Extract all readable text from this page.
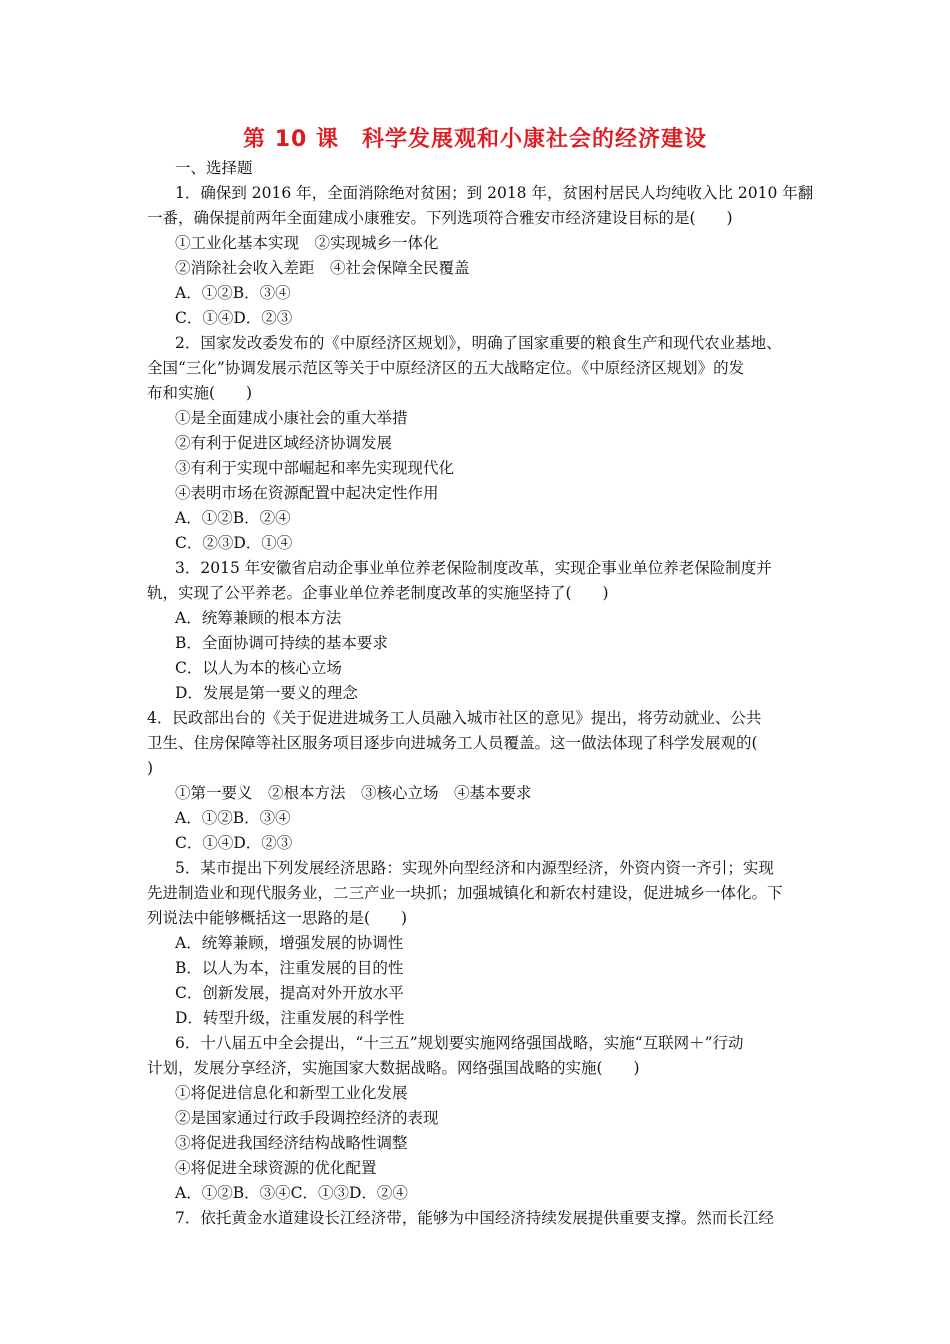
第 10 课　科学发展观和小康社会的经济建设
一、选择题
1．确保到 2016 年，全面消除绝对贫困；到 2018 年，贫困村居民人均纯收入比 2010 年翻
一番，确保提前两年全面建成小康雅安。下列选项符合雅安市经济建设目标的是(　　)
①工业化基本实现　②实现城乡一体化
②消除社会收入差距　④社会保障全民覆盖
A．①②B．③④
C．①④D．②③
2．国家发改委发布的《中原经济区规划》，明确了国家重要的粮食生产和现代农业基地、
全国“三化”协调发展示范区等关于中原经济区的五大战略定位。《中原经济区规划》的发
布和实施(　　)
①是全面建成小康社会的重大举措
②有利于促进区域经济协调发展
③有利于实现中部崛起和率先实现现代化
④表明市场在资源配置中起决定性作用
A．①②B．②④
C．②③D．①④
3．2015 年安徽省启动企事业单位养老保险制度改革，实现企事业单位养老保险制度并
轨，实现了公平养老。企事业单位养老制度改革的实施坚持了(　　)
A．统筹兼顾的根本方法
B．全面协调可持续的基本要求
C．以人为本的核心立场
D．发展是第一要义的理念
4．民政部出台的《关于促进进城务工人员融入城市社区的意见》提出，将劳动就业、公共
卫生、住房保障等社区服务项目逐步向进城务工人员覆盖。这一做法体现了科学发展观的(
)
①第一要义　②根本方法　③核心立场　④基本要求
A．①②B．③④
C．①④D．②③
5．某市提出下列发展经济思路：实现外向型经济和内源型经济，外资内资一齐引；实现
先进制造业和现代服务业，二三产业一块抓；加强城镇化和新农村建设，促进城乡一体化。下
列说法中能够概括这一思路的是(　　)
A．统筹兼顾，增强发展的协调性
B．以人为本，注重发展的目的性
C．创新发展，提高对外开放水平
D．转型升级，注重发展的科学性
6．十八届五中全会提出，“十三五”规划要实施网络强国战略，实施“互联网＋”行动
计划，发展分享经济，实施国家大数据战略。网络强国战略的实施(　　)
①将促进信息化和新型工业化发展
②是国家通过行政手段调控经济的表现
③将促进我国经济结构战略性调整
④将促进全球资源的优化配置
A．①②B．③④C．①③D．②④
7．依托黄金水道建设长江经济带，能够为中国经济持续发展提供重要支撑。然而长江经
